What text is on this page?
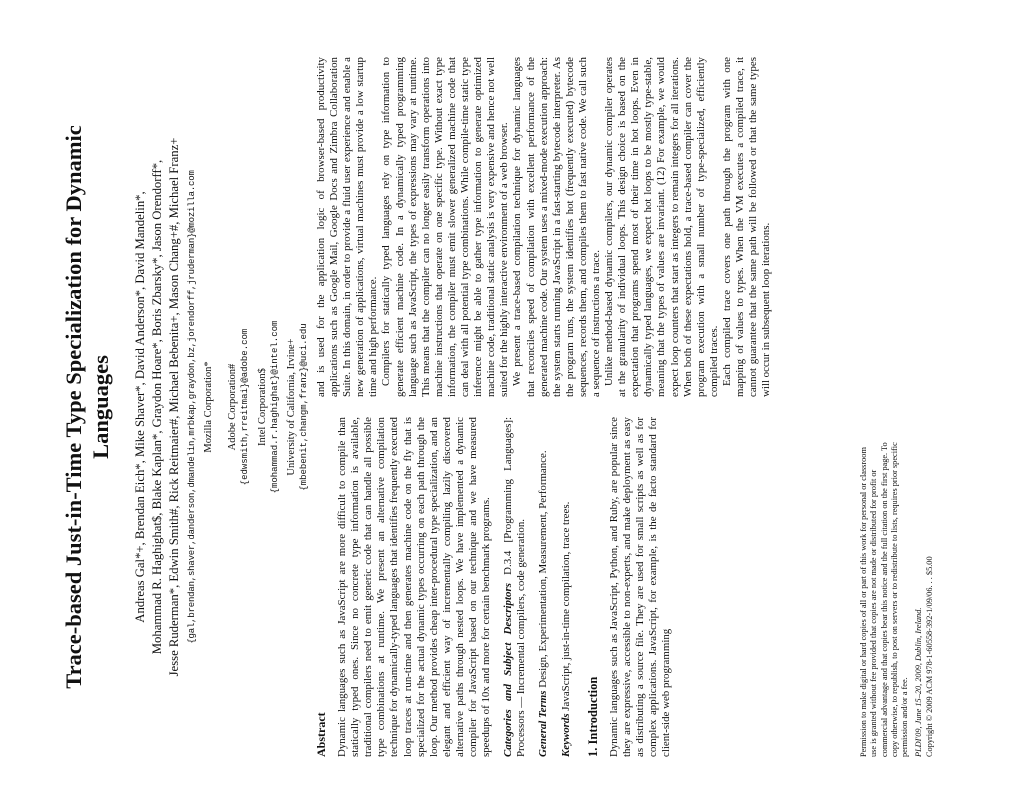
Trace-based Just-in-Time Type Specialization for Dynamic Languages Andreas Gal*+, Brendan Eich*, Mike Shaver*, David Anderson*, David Mandelin*, Mohammad R. Haghighat$, Blake Kaplan*, Graydon Hoare*, Boris Zbarsky*, Jason Orendorff*, Jesse Ruderman*, Edwin Smith#, Rick Reitmaier#, Michael Bebenita+, Mason Chang+#, Michael Franz+ {gal,brendan,shaver,danderson,dmandelin,mrbkap,graydon,bz,jorendorff,jruderman}@mozilla.com Mozilla Corporation* Adobe Corporation# {edwsmith,rreitmai}@adobe.com Intel Corporation$ {mohammad.r.haghighat}@intel.com University of California, Irvine+ {mbebenit,changm,franz}@uci.edu
Abstract Dynamic languages such as JavaScript are more difficult to compile than statically typed ones. Since no concrete type information is available, traditional compilers need to emit generic code that can handle all possible type combinations at runtime. We present an alternative compilation technique for dynamically-typed languages that identifies frequently executed loop traces at run-time and then generates machine code on the fly that is specialized for the actual dynamic types occurring on each path through the loop. Our method provides cheap inter-procedural type specialization, and an elegant and efficient way of incrementally compiling lazily discovered alternative paths through nested loops. We have implemented a dynamic compiler for JavaScript based on our technique and we have measured speedups of 10x and more for certain benchmark programs. Categories and Subject Descriptors D.3.4 [Programming Languages]: Processors — Incremental compilers, code generation. General Terms Design, Experimentation, Measurement, Performance.
Keywords JavaScript, just-in-time compilation, trace trees.
1. Introduction Dynamic languages such as JavaScript, Python, and Ruby, are popular since they are expressive, accessible to non-experts, and make deployment as easy as distributing a source file. They are used for small scripts as well as for complex applications. JavaScript, for example, is the de facto standard for client-side web programming	Permission to make digital or hard copies of all or part of this work for personal or classroom use is granted without fee provided that copies are not made or distributed for profit or commercial advantage and that copies bear this notice and the full citation on the first page. To copy otherwise, to republish, to post on servers or to redistribute to lists, requires prior specific permission and/or a fee. PLDI'09, June 15–20, 2009, Dublin, Ireland. Copyright © 2009 ACM 978-1-60558-392-1/09/06. . . $5.00

and is used for the application logic of browser-based productivity applications such as Google Mail, Google Docs and Zimbra Collaboration Suite. In this domain, in order to provide a fluid user experience and enable a new generation of applications, virtual machines must provide a low startup time and high performance. Compilers for statically typed languages rely on type information to generate efficient machine code. In a dynamically typed programming language such as JavaScript, the types of expressions may vary at runtime. This means that the compiler can no longer easily transform operations into machine instructions that operate on one specific type. Without exact type information, the compiler must emit slower generalized machine code that can deal with all potential type combinations. While compile-time static type inference might be able to gather type information to generate optimized machine code, traditional static analysis is very expensive and hence not well suited for the highly interactive environment of a web browser. We present a trace-based compilation technique for dynamic languages that reconciles speed of compilation with excellent performance of the generated machine code. Our system uses a mixed-mode execution approach: the system starts running JavaScript in a fast-starting bytecode interpreter. As the program runs, the system identifies hot (frequently executed) bytecode sequences, records them, and compiles them to fast native code. We call such a sequence of instructions a trace. Unlike method-based dynamic compilers, our dynamic compiler operates at the granularity of individual loops. This design choice is based on the expectation that programs spend most of their time in hot loops. Even in dynamically typed languages, we expect hot loops to be mostly type-stable, meaning that the types of values are invariant. (12) For example, we would expect loop counters that start as integers to remain integers for all iterations. When both of these expectations hold, a trace-based compiler can cover the program execution with a small number of type-specialized, efficiently compiled traces. Each compiled trace covers one path through the program with one mapping of values to types. When the VM executes a compiled trace, it cannot guarantee that the same path will be followed or that the same types will occur in subsequent loop iterations.
